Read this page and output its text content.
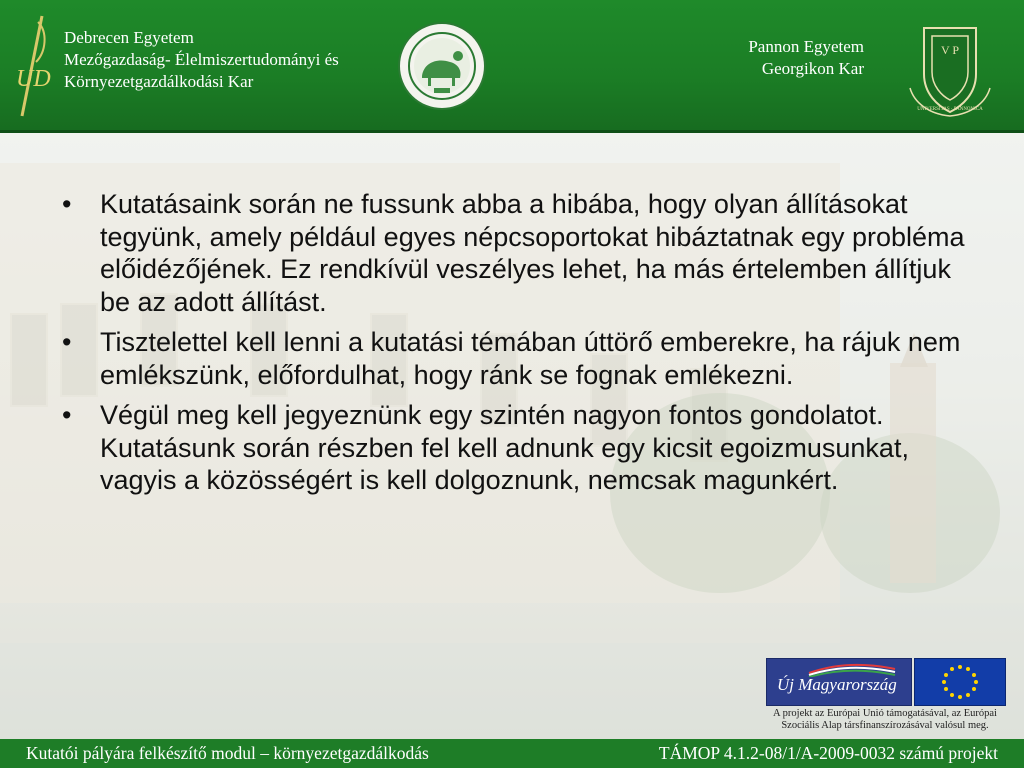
UD
Debrecen Egyetem
Mezőgazdaság- Élelmiszertudományi és
Környezetgazdálkodási Kar
Pannon Egyetem
Georgikon Kar
V P
UNIVERSITAS · PANNONICA
• Kutatásaink során ne fussunk abba a hibába, hogy olyan állításokat tegyünk, amely például egyes népcsoportokat hibáztatnak egy probléma előidézőjének. Ez rendkívül veszélyes lehet, ha más értelemben állítjuk be az adott állítást.
• Tisztelettel kell lenni a kutatási témában úttörő emberekre, ha rájuk nem emlékszünk, előfordulhat, hogy ránk se fognak emlékezni.
• Végül meg kell jegyeznünk egy szintén nagyon fontos gondolatot. Kutatásunk során részben fel kell adnunk egy kicsit egoizmusunkat, vagyis a közösségért is kell dolgoznunk, nemcsak magunkért.
Új Magyarország
A projekt az Európai Unió támogatásával, az Európai Szociális Alap társfinanszírozásával valósul meg.
Kutatói pályára felkészítő modul – környezetgazdálkodás	TÁMOP 4.1.2-08/1/A-2009-0032 számú projekt
